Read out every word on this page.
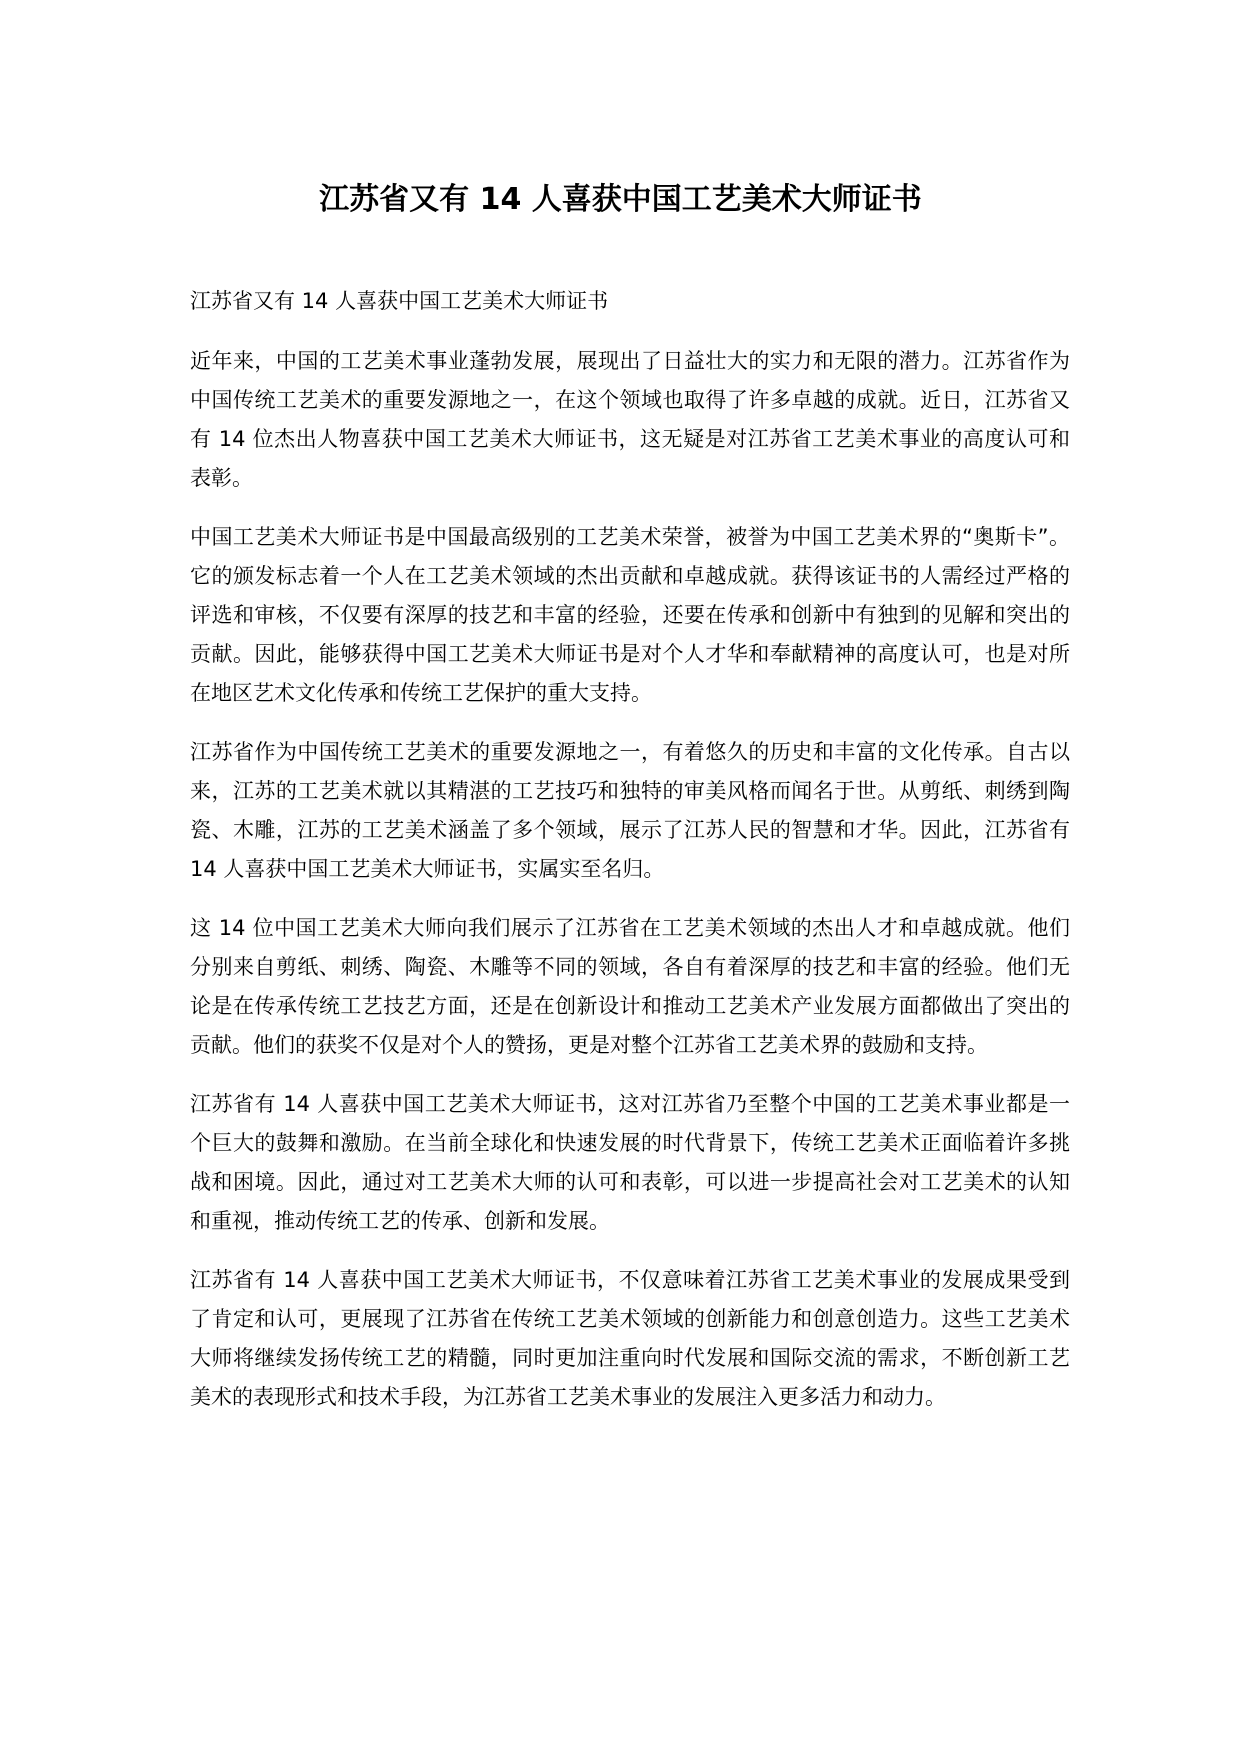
江苏省又有 14 人喜获中国工艺美术大师证书

江苏省又有 14 人喜获中国工艺美术大师证书

近年来，中国的工艺美术事业蓬勃发展，展现出了日益壮大的实力和无限的潜力。江苏省作为中国传统工艺美术的重要发源地之一，在这个领域也取得了许多卓越的成就。近日，江苏省又有 14 位杰出人物喜获中国工艺美术大师证书，这无疑是对江苏省工艺美术事业的高度认可和表彰。

中国工艺美术大师证书是中国最高级别的工艺美术荣誉，被誉为中国工艺美术界的“奥斯卡”。它的颁发标志着一个人在工艺美术领域的杰出贡献和卓越成就。获得该证书的人需经过严格的评选和审核，不仅要有深厚的技艺和丰富的经验，还要在传承和创新中有独到的见解和突出的贡献。因此，能够获得中国工艺美术大师证书是对个人才华和奉献精神的高度认可，也是对所在地区艺术文化传承和传统工艺保护的重大支持。

江苏省作为中国传统工艺美术的重要发源地之一，有着悠久的历史和丰富的文化传承。自古以来，江苏的工艺美术就以其精湛的工艺技巧和独特的审美风格而闻名于世。从剪纸、刺绣到陶瓷、木雕，江苏的工艺美术涵盖了多个领域，展示了江苏人民的智慧和才华。因此，江苏省有 14 人喜获中国工艺美术大师证书，实属实至名归。

这 14 位中国工艺美术大师向我们展示了江苏省在工艺美术领域的杰出人才和卓越成就。他们分别来自剪纸、刺绣、陶瓷、木雕等不同的领域，各自有着深厚的技艺和丰富的经验。他们无论是在传承传统工艺技艺方面，还是在创新设计和推动工艺美术产业发展方面都做出了突出的贡献。他们的获奖不仅是对个人的赞扬，更是对整个江苏省工艺美术界的鼓励和支持。

江苏省有 14 人喜获中国工艺美术大师证书，这对江苏省乃至整个中国的工艺美术事业都是一个巨大的鼓舞和激励。在当前全球化和快速发展的时代背景下，传统工艺美术正面临着许多挑战和困境。因此，通过对工艺美术大师的认可和表彰，可以进一步提高社会对工艺美术的认知和重视，推动传统工艺的传承、创新和发展。

江苏省有 14 人喜获中国工艺美术大师证书，不仅意味着江苏省工艺美术事业的发展成果受到了肯定和认可，更展现了江苏省在传统工艺美术领域的创新能力和创意创造力。这些工艺美术大师将继续发扬传统工艺的精髓，同时更加注重向时代发展和国际交流的需求，不断创新工艺美术的表现形式和技术手段，为江苏省工艺美术事业的发展注入更多活力和动力。
